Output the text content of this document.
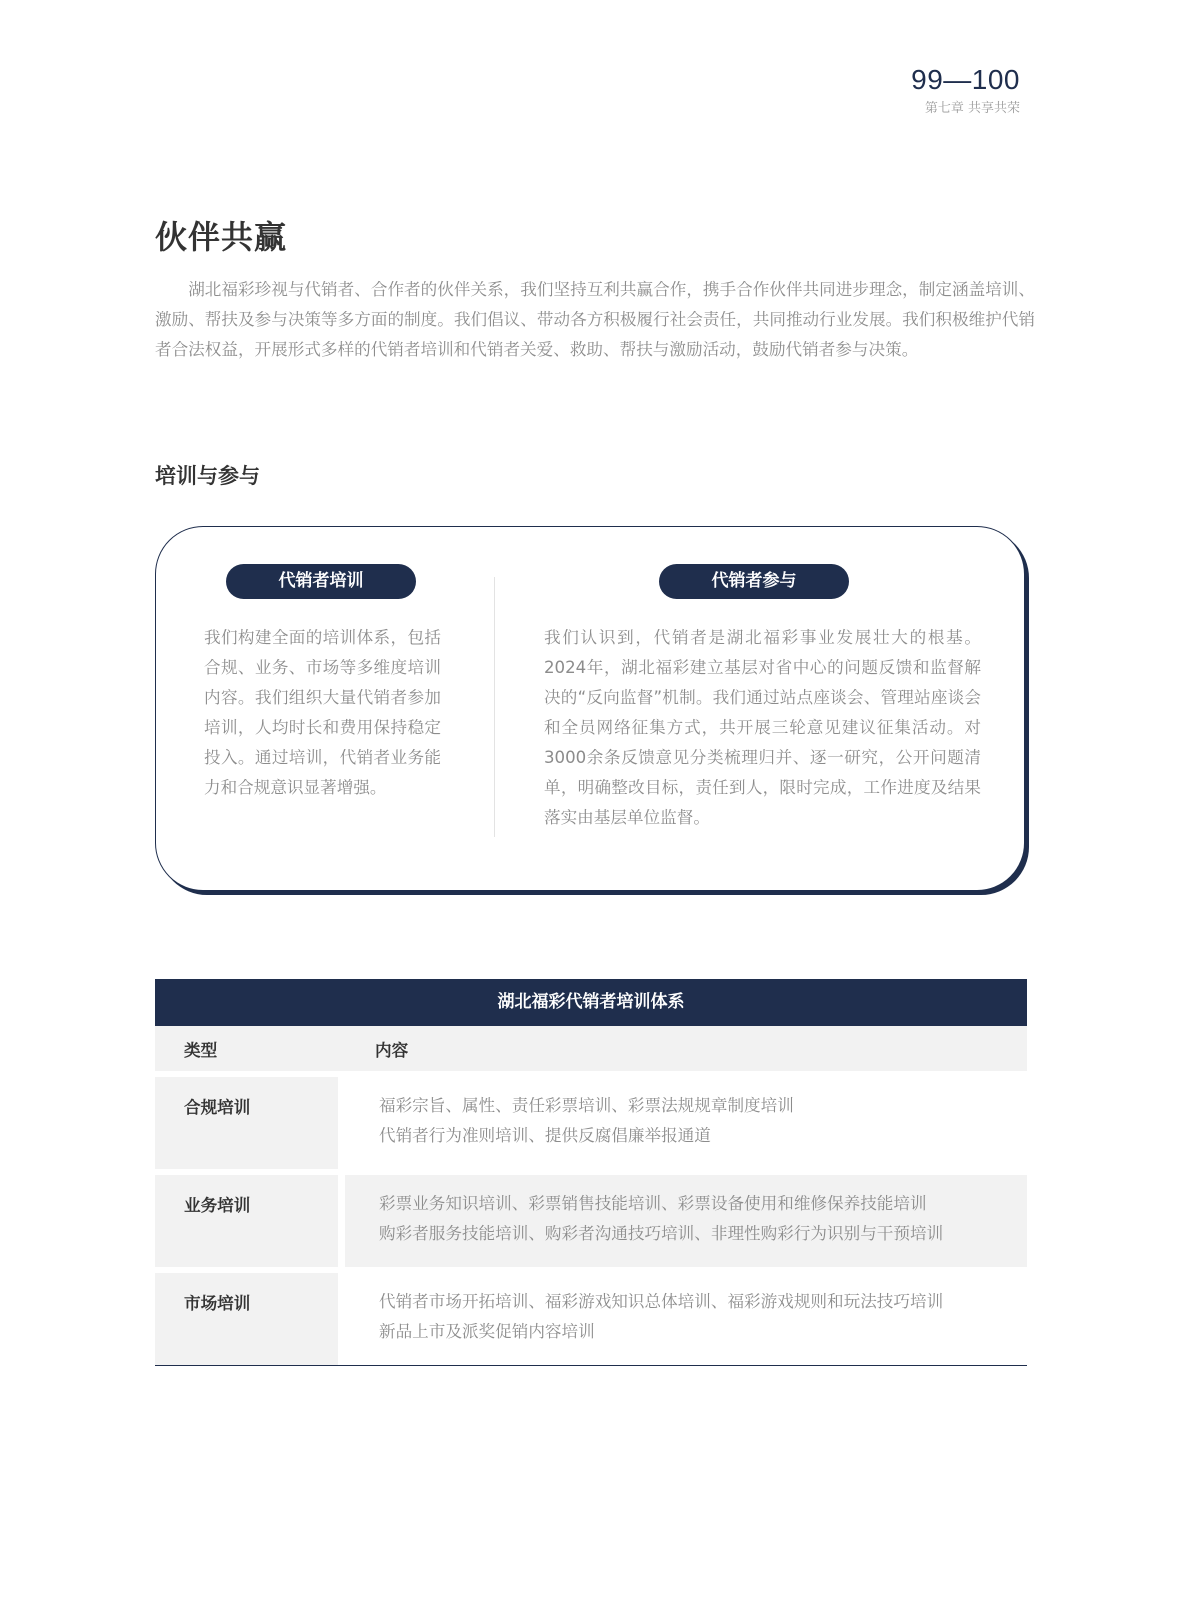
99—100
第七章 共享共荣
伙伴共赢

湖北福彩珍视与代销者、合作者的伙伴关系，我们坚持互利共赢合作，携手合作伙伴共同进步理念，制定涵盖培训、激励、帮扶及参与决策等多方面的制度。我们倡议、带动各方积极履行社会责任，共同推动行业发展。我们积极维护代销者合法权益，开展形式多样的代销者培训和代销者关爱、救助、帮扶与激励活动，鼓励代销者参与决策。

培训与参与
代销者培训

我们构建全面的培训体系，包括合规、业务、市场等多维度培训内容。我们组织大量代销者参加培训，人均时长和费用保持稳定投入。通过培训，代销者业务能力和合规意识显著增强。

代销者参与

我们认识到，代销者是湖北福彩事业发展壮大的根基。2024年，湖北福彩建立基层对省中心的问题反馈和监督解决的“反向监督”机制。我们通过站点座谈会、管理站座谈会和全员网络征集方式，共开展三轮意见建议征集活动。对3000余条反馈意见分类梳理归并、逐一研究，公开问题清单，明确整改目标，责任到人，限时完成，工作进度及结果落实由基层单位监督。

湖北福彩代销者培训体系
类型	内容
合规培训	福彩宗旨、属性、责任彩票培训、彩票法规规章制度培训
代销者行为准则培训、提供反腐倡廉举报通道
业务培训	彩票业务知识培训、彩票销售技能培训、彩票设备使用和维修保养技能培训
购彩者服务技能培训、购彩者沟通技巧培训、非理性购彩行为识别与干预培训
市场培训	代销者市场开拓培训、福彩游戏知识总体培训、福彩游戏规则和玩法技巧培训
新品上市及派奖促销内容培训
